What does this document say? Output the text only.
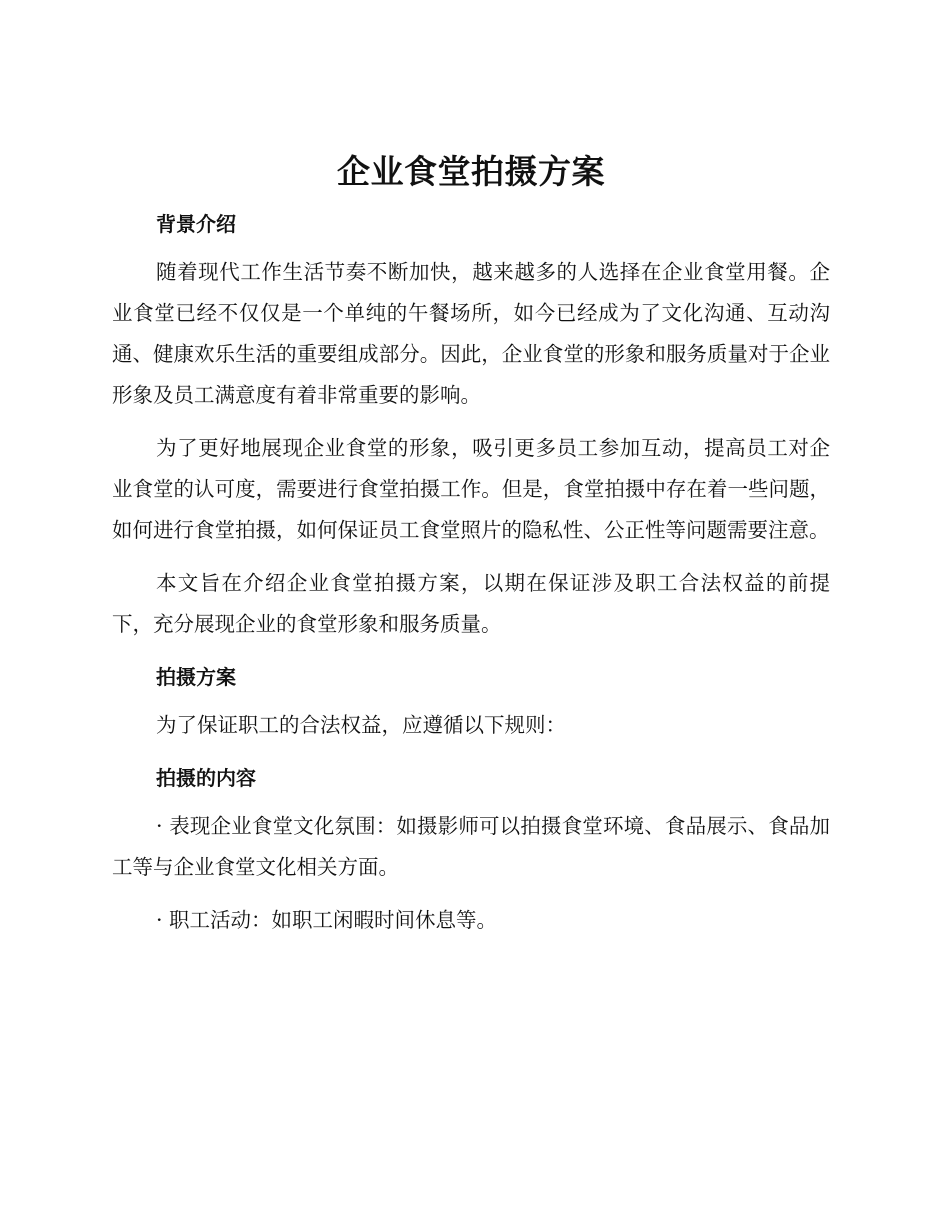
企业食堂拍摄方案
背景介绍

随着现代工作生活节奏不断加快，越来越多的人选择在企业食堂用餐。企业食堂已经不仅仅是一个单纯的午餐场所，如今已经成为了文化沟通、互动沟通、健康欢乐生活的重要组成部分。因此，企业食堂的形象和服务质量对于企业形象及员工满意度有着非常重要的影响。

为了更好地展现企业食堂的形象，吸引更多员工参加互动，提高员工对企业食堂的认可度，需要进行食堂拍摄工作。但是，食堂拍摄中存在着一些问题，如何进行食堂拍摄，如何保证员工食堂照片的隐私性、公正性等问题需要注意。

本文旨在介绍企业食堂拍摄方案，以期在保证涉及职工合法权益的前提下，充分展现企业的食堂形象和服务质量。

拍摄方案

为了保证职工的合法权益，应遵循以下规则：

拍摄的内容

· 表现企业食堂文化氛围：如摄影师可以拍摄食堂环境、食品展示、食品加工等与企业食堂文化相关方面。

· 职工活动：如职工闲暇时间休息等。
